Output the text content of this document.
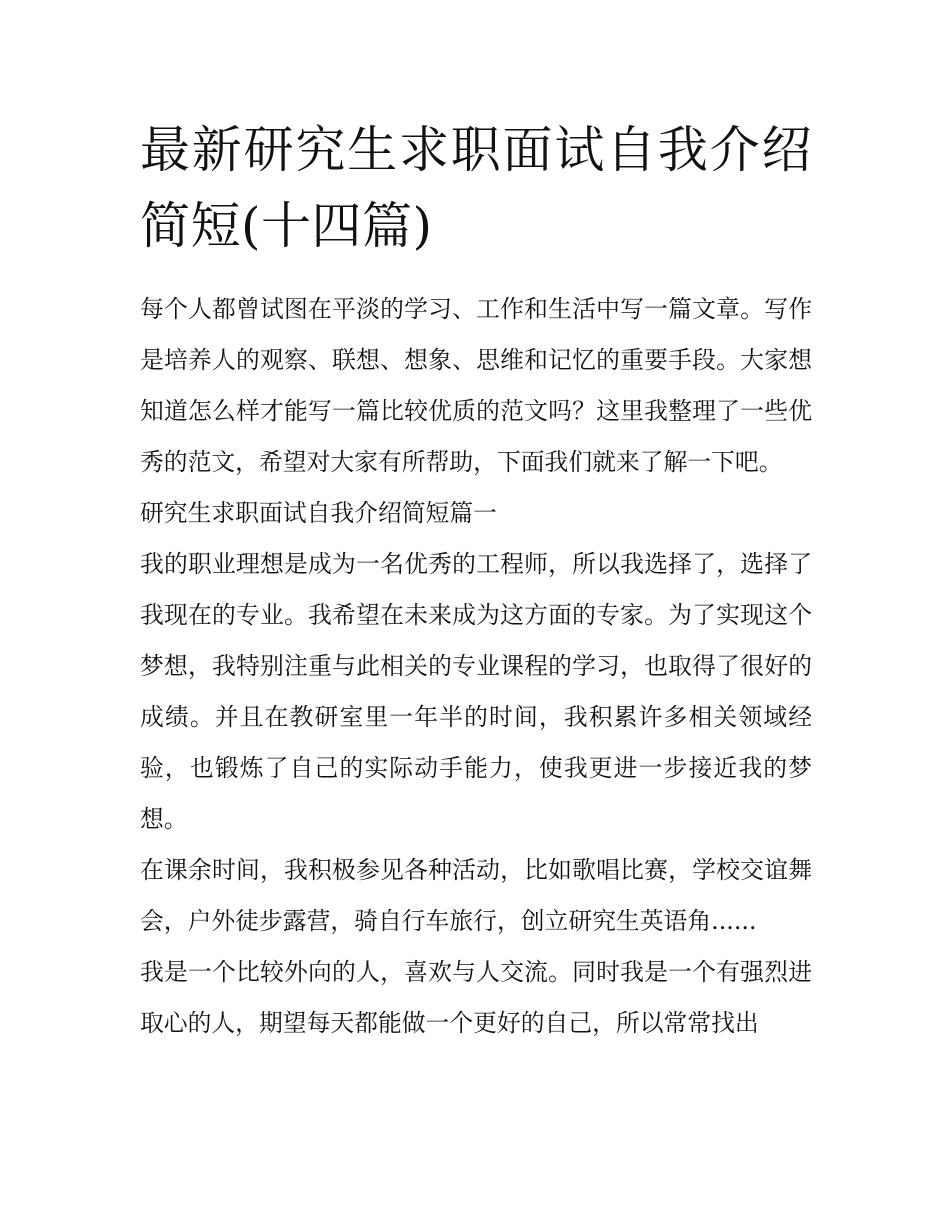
最新研究生求职面试自我介绍简短(十四篇)

每个人都曾试图在平淡的学习、工作和生活中写一篇文章。写作是培养人的观察、联想、想象、思维和记忆的重要手段。大家想知道怎么样才能写一篇比较优质的范文吗？这里我整理了一些优秀的范文，希望对大家有所帮助，下面我们就来了解一下吧。

研究生求职面试自我介绍简短篇一

我的职业理想是成为一名优秀的工程师，所以我选择了，选择了我现在的专业。我希望在未来成为这方面的专家。为了实现这个梦想，我特别注重与此相关的专业课程的学习，也取得了很好的成绩。并且在教研室里一年半的时间，我积累许多相关领域经验，也锻炼了自己的实际动手能力，使我更进一步接近我的梦想。

在课余时间，我积极参见各种活动，比如歌唱比赛，学校交谊舞会，户外徒步露营，骑自行车旅行，创立研究生英语角......

我是一个比较外向的人，喜欢与人交流。同时我是一个有强烈进取心的人，期望每天都能做一个更好的自己，所以常常找出
